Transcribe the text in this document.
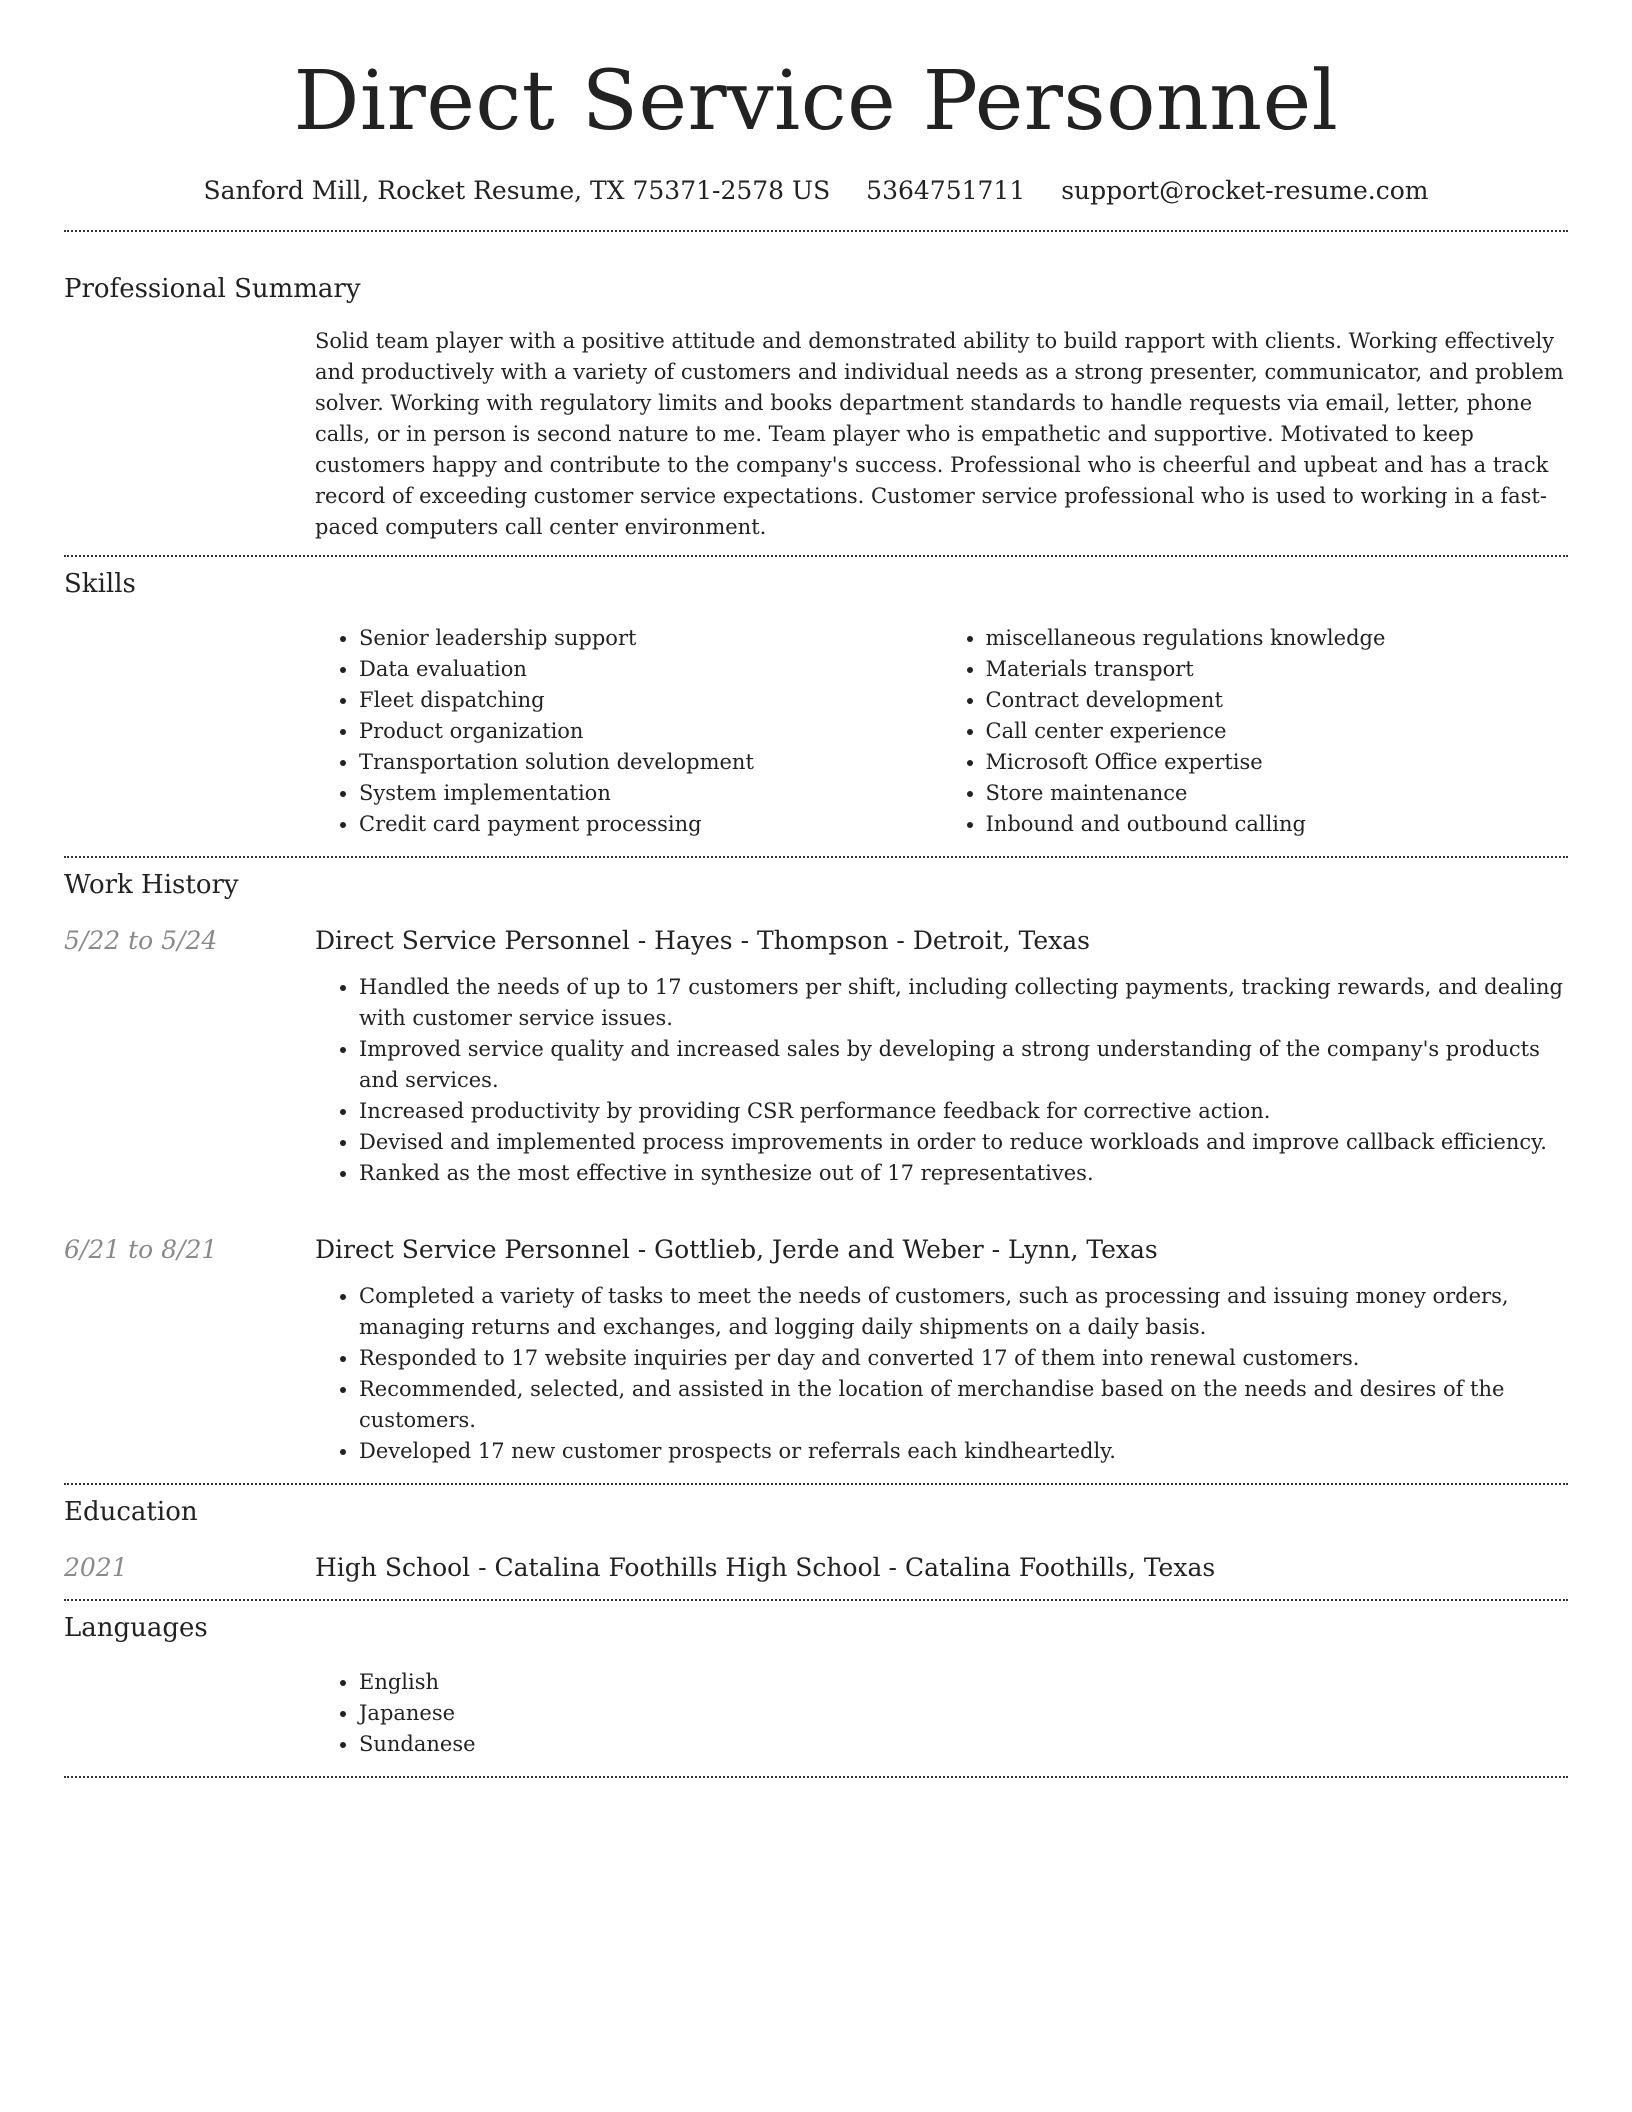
Direct Service Personnel
Sanford Mill, Rocket Resume, TX 75371-2578 US 5364751711 support@rocket-resume.com
Professional Summary
Solid team player with a positive attitude and demonstrated ability to build rapport with clients. Working effectively and productively with a variety of customers and individual needs as a strong presenter, communicator, and problem solver. Working with regulatory limits and books department standards to handle requests via email, letter, phone calls, or in person is second nature to me. Team player who is empathetic and supportive. Motivated to keep customers happy and contribute to the company's success. Professional who is cheerful and upbeat and has a track record of exceeding customer service expectations. Customer service professional who is used to working in a fast-paced computers call center environment.
Skills
• Senior leadership support
• Data evaluation
• Fleet dispatching
• Product organization
• Transportation solution development
• System implementation
• Credit card payment processing
• miscellaneous regulations knowledge
• Materials transport
• Contract development
• Call center experience
• Microsoft Office expertise
• Store maintenance
• Inbound and outbound calling
Work History
5/22 to 5/24	Direct Service Personnel - Hayes - Thompson - Detroit, Texas
• Handled the needs of up to 17 customers per shift, including collecting payments, tracking rewards, and dealing with customer service issues.
• Improved service quality and increased sales by developing a strong understanding of the company's products and services.
• Increased productivity by providing CSR performance feedback for corrective action.
• Devised and implemented process improvements in order to reduce workloads and improve callback efficiency.
• Ranked as the most effective in synthesize out of 17 representatives.
6/21 to 8/21	Direct Service Personnel - Gottlieb, Jerde and Weber - Lynn, Texas
• Completed a variety of tasks to meet the needs of customers, such as processing and issuing money orders, managing returns and exchanges, and logging daily shipments on a daily basis.
• Responded to 17 website inquiries per day and converted 17 of them into renewal customers.
• Recommended, selected, and assisted in the location of merchandise based on the needs and desires of the customers.
• Developed 17 new customer prospects or referrals each kindheartedly.
Education
2021	High School - Catalina Foothills High School - Catalina Foothills, Texas
Languages
• English
• Japanese
• Sundanese
